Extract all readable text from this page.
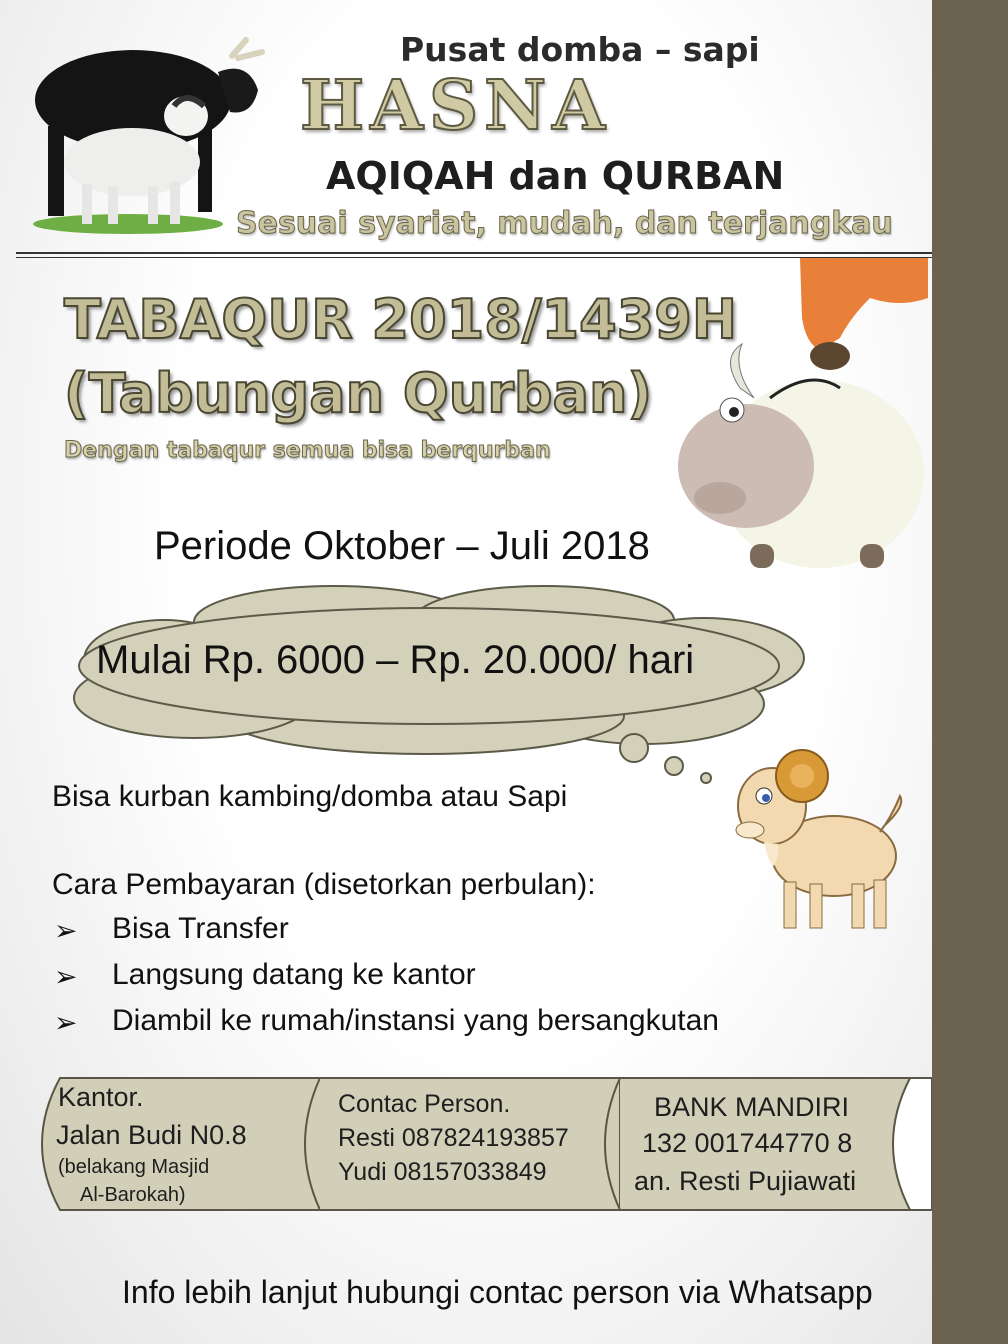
Pusat domba – sapi
HASNA
AQIQAH dan QURBAN
Sesuai syariat, mudah, dan terjangkau
TABAQUR 2018/1439H
(Tabungan Qurban)
Dengan tabaqur semua bisa berqurban
Periode Oktober – Juli 2018
Mulai Rp. 6000 – Rp. 20.000/ hari
Bisa kurban kambing/domba atau Sapi
Cara Pembayaran (disetorkan perbulan):
➢ Bisa Transfer
➢ Langsung datang ke kantor
➢ Diambil ke rumah/instansi yang bersangkutan
Kantor.
Jalan Budi N0.8
(belakang Masjid
Al-Barokah)
Contac Person.
Resti 087824193857
Yudi 08157033849
BANK MANDIRI
132 001744770 8
an. Resti Pujiawati
Info lebih lanjut hubungi contac person via Whatsapp
